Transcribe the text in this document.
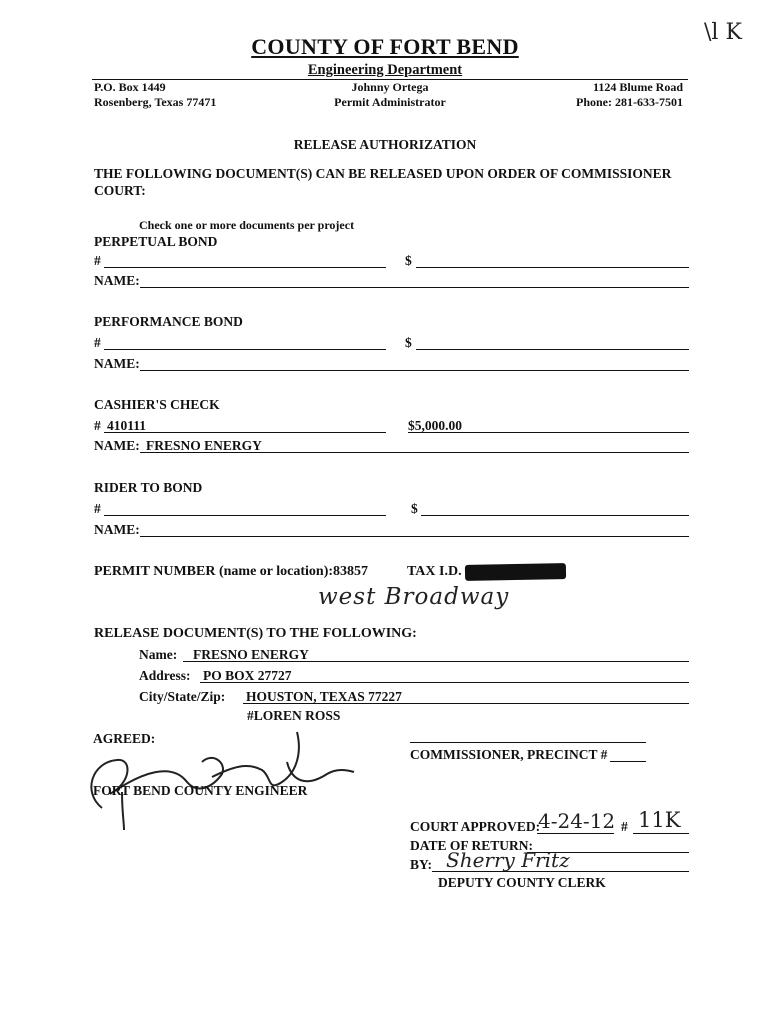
\l K
COUNTY OF FORT BEND
Engineering Department
P.O. Box 1449
Rosenberg, Texas 77471
Johnny Ortega
Permit Administrator
1124 Blume Road
Phone: 281-633-7501
RELEASE AUTHORIZATION
THE FOLLOWING DOCUMENT(S) CAN BE RELEASED UPON ORDER OF COMMISSIONER
COURT:
Check one or more documents per project
PERPETUAL BOND
#	$
NAME:
PERFORMANCE BOND
#	$
NAME:
CASHIER'S CHECK
# 410111	$5,000.00
NAME: FRESNO ENERGY
RIDER TO BOND
#	$
NAME:
PERMIT NUMBER (name or location):83857	TAX I.D.
west Broadway
RELEASE DOCUMENT(S) TO THE FOLLOWING:
Name: FRESNO ENERGY
Address: PO BOX 27727
City/State/Zip: HOUSTON, TEXAS 77227
#LOREN ROSS
AGREED:
FORT BEND COUNTY ENGINEER
COMMISSIONER, PRECINCT #
COURT APPROVED:
4-24-12 # 11K
DATE OF RETURN:
BY: Sherry Fritz
DEPUTY COUNTY CLERK
